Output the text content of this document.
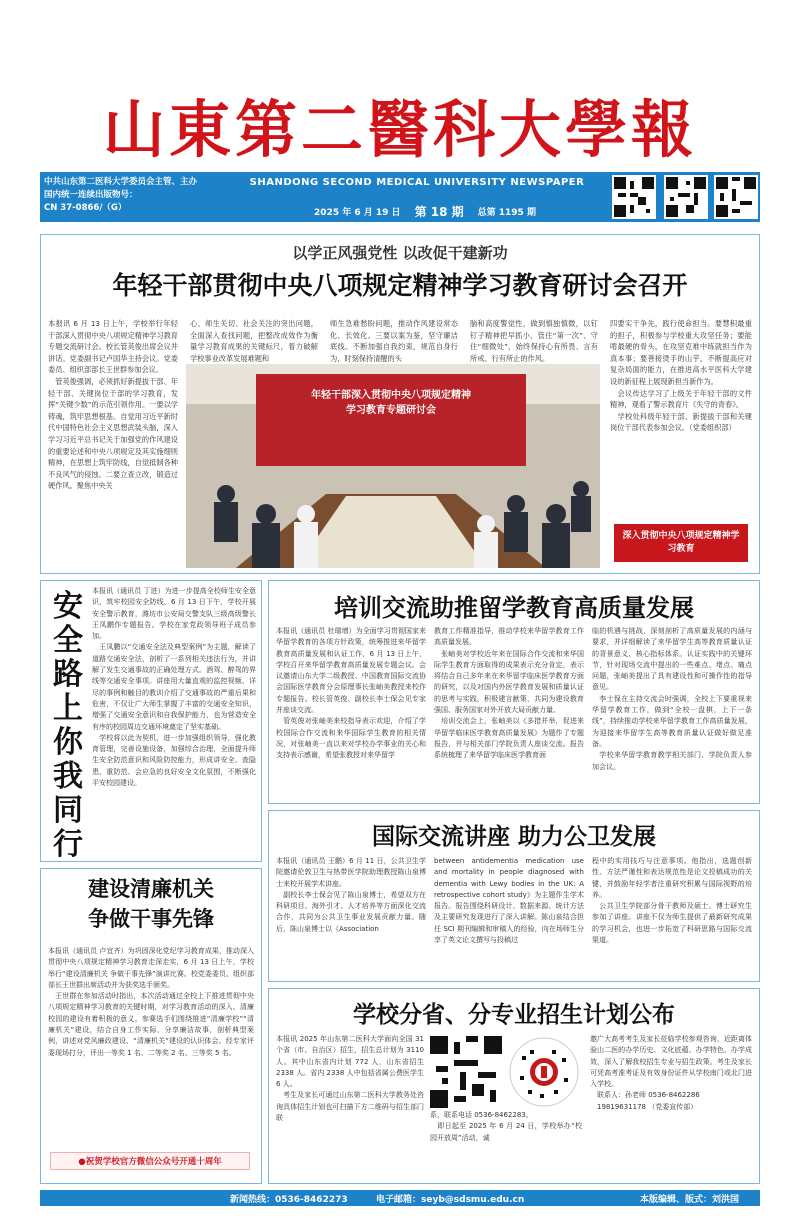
山東第二醫科大學報
中共山东第二医科大学委员会主管、主办
国内统一连续出版物号：
CN 37-0866/（G）
SHANDONG SECOND MEDICAL UNIVERSITY NEWSPAPER
2025 年 6 月 19 日 第 18 期 总第 1195 期
以学正风强党性 以改促干建新功
年轻干部贯彻中央八项规定精神学习教育研讨会召开
本报讯 6 月 13 日上午，学校举行年轻干部深入贯彻中央八项规定精神学习教育专题交流研讨会。校长管英俊出席会议并讲话。党委副书记卢国华主持会议。党委委员、组织部部长王世群参加会议。
　管英俊强调，必须抓好新提拔干部、年轻干部、关键岗位干部的学习教育，发挥“关键少数”的示范引领作用。一要以学铸魂，筑牢思想根基。自觉用习近平新时代中国特色社会主义思想武装头脑，深入学习习近平总书记关于加强党的作风建设的重要论述和中央八项规定及其实施细则精神，在思想上筑牢防线，自觉抵制各种不良风气的侵蚀。二要立查立改，锻造过硬作风。聚焦中央关
心、师生关切、社会关注的突出问题，全面深入查找问题，把整改成效作为衡量学习教育成果的关键标尺，着力破解学校事业改革发展难题和
师生急难愁盼问题，推动作风建设常态化、长效化。三要以案为鉴，坚守廉洁底线。不断加强自我约束，规范自身行为，时刻保持清醒的头
脑和高度警觉性，做到慎独慎微，以钉钉子精神把早抓小、管住“第一次”、守住“细微处”，始终保持心有所畏、言有所戒、行有所止的作风。
四要实干争先，践行使命担当。要慧积最重的担子，积极参与学校重大攻坚任务；要能啃最硬的骨头，在攻坚克难中练就担当作为真本事；要善接烫手的山芋，不断提高应对复杂局面的能力，在推进高水平医科大学建设的新征程上展现新担当新作为。
　会议传达学习了上级关于年轻干部的文件精神，观看了警示教育片《失守的青春》。
　学校处科级年轻干部、新提拔干部和关键岗位干部代表参加会议。（党委组织部）
年轻干部深入贯彻中央八项规定精神
学习教育专题研讨会
深入贯彻中央八项规定精神学习教育
安全路上你我同行
本报讯（通讯员 丁进）为进一步提高全校师生安全意识，筑牢校园安全防线，6 月 13 日下午，学校开展安全警示教育，潍坊市公安局交警支队三级高级警长王凤鹏作专题报告。学校在家党政领导班子成员参加。
　王凤鹏以“交通安全法及典型案例”为主题，解读了道路交通安全法，剖析了一系列相关违法行为，并讲解了发生交通事故的正确处理方式。酒驾、醉驾的界线等交通安全事项。讲座用大量直观的监控视频、详尽的事例和触目的教训介绍了交通事故的严重后果和危害，不仅让广大师生掌握了丰富的交通安全知识，增强了交通安全意识和自我保护能力，也为营造安全有序的校园周边交通环境奠定了坚实基础。
　学校将以此为契机，进一步加强组织领导，强化教育管理，完善设施设备，加强综合治理，全面提升师生安全防范意识和风险防控能力，形成讲安全、查隐患、重防范、会应急的良好安全文化氛围，不断强化平安校园建设。
建设清廉机关
争做干事先锋
本报讯（通讯员 卢宜齐）为巩固深化党纪学习教育成果，推动深入贯彻中央八项规定精神学习教育走深走实，6 月 13 日上午，学校举行“建设清廉机关 争做干事先锋”演讲比赛。校党委委员、组织部部长王世群出席活动并为获奖选手颁奖。
　王世群在参加活动时指出，本次活动通过全校上下推进贯彻中央八项规定精神学习教育的关键时期，对学习教育活动的深入、清廉校园的建设有着积极的意义。参赛选手们围绕推进“清廉学校”“清廉机关”建设，结合自身工作实际，分享廉洁故事，剖析典型案例，讲述对党风廉政建设、“清廉机关”建设的认识体会。经专家评委现场打分，评出一等奖 1 名、二等奖 2 名、三等奖 5 名。
●祝贺学校官方微信公众号开通十周年
培训交流助推留学教育高质量发展
本报讯（通讯员 杜瑞增）为全面学习贯彻国家来华留学教育的各项方针政策，统筹推进来华留学教育高质量发展和认证工作，6 月 13 日上午，学校召开来华留学教育高质量发展专题会议。会议邀请山东大学二级教授、中国教育国际交流协会国际医学教育分会原理事长张岫美教授来校作专题报告。校长管英俊、副校长李士保会见专家并座谈交流。
　管英俊对张岫美来校指导表示欢迎，介绍了学校国际合作交流和来华国际学生教育的相关情况，对张岫美一直以来对学校办学事业的关心和支持表示感谢，希望张教授对来华留学
教育工作精准指导，推动学校来华留学教育工作高质量发展。
　张岫美对学校近年来在国际合作交流和来华国际学生教育方面取得的成果表示充分肯定，表示将结合自己多年来在来华留学临床医学教育方面的研究，以及对国内外医学教育发展和质量认证的思考与实践，积极建言献策，共同为建设教育强国、服务国家对外开放大局贡献力量。
　培训交流会上，张岫美以《多措并举，促进来华留学临床医学教育高质量发展》为题作了专题报告，并与相关部门学院负责人座谈交流。报告系统梳理了来华留学临床医学教育面
临的机遇与挑战，深刻剖析了高质量发展的内涵与要求，并详细解读了来华留学生高等教育质量认证的背景意义、核心指标体系。认证实践中的关键环节，针对现场交流中提出的一些难点、堵点、痛点问题，张岫美提出了具有建设性和可操作性的指导意见。
　李士保在主持交流会时强调，全校上下要重视来华留学教育工作，做到“全校一盘棋，上下一条线”，持续推动学校来华留学教育工作高质量发展，为迎接来华留学生高等教育质量认证做好做足准备。
　学校来华留学教育教学相关部门、学院负责人参加会议。
国际交流讲座 助力公卫发展
本报讯（通讯员 王鹏）6 月 11 日，公共卫生学院邀请伦敦卫生与热带医学院助理教授陈山泉博士来校开展学术讲座。
　副校长李士保会见了陈山泉博士，希望双方在科研项目、海外引才、人才培养等方面深化交流合作，共同为公共卫生事业发展贡献力量。随后，陈山泉博士以《Association
between antidementia medication use and mortality in people diagnosed with dementia with Lewy bodies in the UK: A retrospective cohort study》为主题作生学术报告。报告围绕科研设计、数据来源、统计方法及主要研究发现进行了深入讲解。陈山泉结合担任 SCI 期刊编辑和审稿人的经验，向在场师生分享了英文论文撰写与投稿过
程中的实用技巧与注意事项。他指出，选题创新性、方法严谨性和表达规范性是论文投稿成功的关键，并鼓励年轻学者注重研究积累与国际视野的培养。
　公共卫生学院部分骨干教师及硕士、博士研究生参加了讲座。讲座不仅为师生提供了最新研究成果的学习机会，也进一步拓宽了科研思路与国际交流渠道。
学校分省、分专业招生计划公布
本报讯 2025 年山东第二医科大学面向全国 31 个省（市、自治区）招生，招生总计划为 3110 人。其中山东省内计划 772 人，山东省招生 2338 人。省内 2338 人中包括省属公费医学生 6 人。
　考生及家长可通过山东第二医科大学教务处咨询具体招生计划也可扫描下方二维码与招生部门联	系，联系电话 0536-8462283。
　即日起至 2025 年 6 月 24 日，学校举办“校园开放周”活动，诚
邀广大高考考生及家长莅临学校参观咨询，近距离体验山二医的办学历史、文化底蕴、办学特色、办学成效，深入了解我校招生专业与招生政策。考生及家长可凭高考准考证及有效身份证件从学校南门或北门进入学校。
　联系人：孙老师 0536-8462286
　19819631178 （党委宣传部）
新闻热线：0536-8462273	电子邮箱：seyb@sdsmu.edu.cn	本版编辑、版式：刘洪国
